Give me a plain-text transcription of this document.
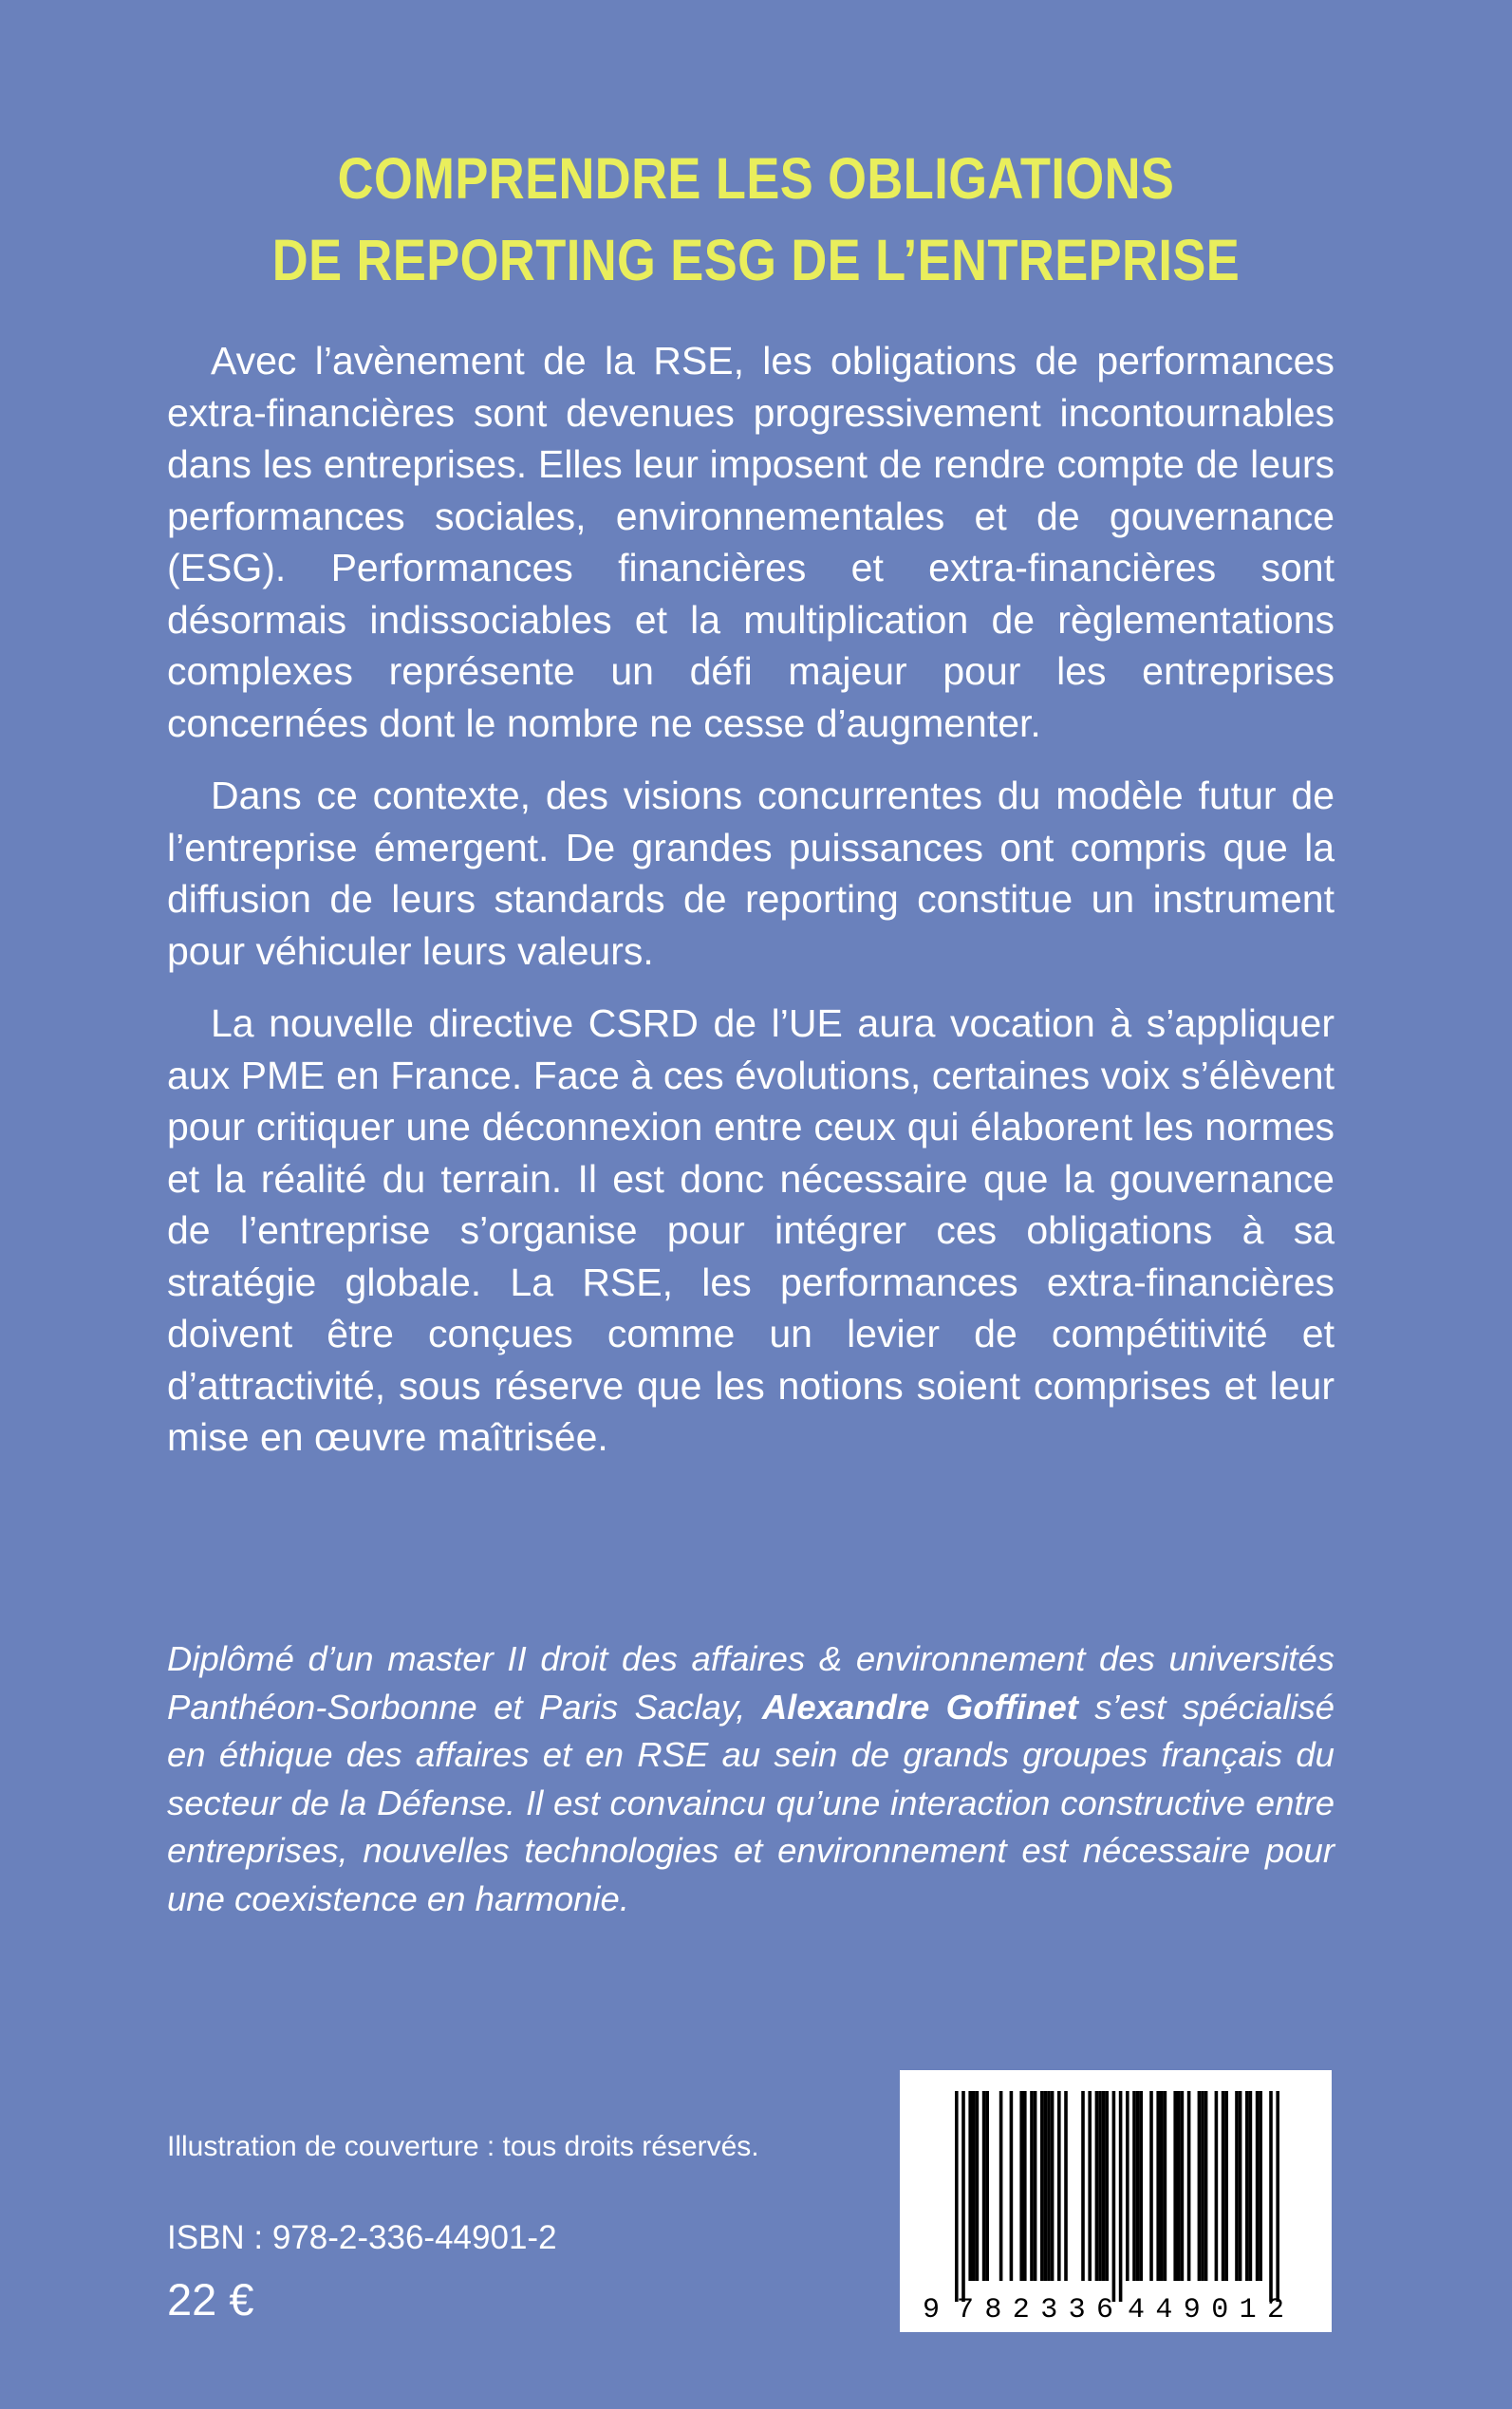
COMPRENDRE LES OBLIGATIONS
DE REPORTING ESG DE L’ENTREPRISE

Avec l’avènement de la RSE, les obligations de performances extra-financières sont devenues progressivement incontournables dans les entreprises. Elles leur imposent de rendre compte de leurs performances sociales, environnementales et de gouvernance (ESG). Performances financières et extra-financières sont désormais indissociables et la multiplication de règlementations complexes représente un défi majeur pour les entreprises concernées dont le nombre ne cesse d’augmenter.

Dans ce contexte, des visions concurrentes du modèle futur de l’entreprise émergent. De grandes puissances ont compris que la diffusion de leurs standards de reporting constitue un instrument pour véhiculer leurs valeurs.

La nouvelle directive CSRD de l’UE aura vocation à s’appliquer aux PME en France. Face à ces évolutions, certaines voix s’élèvent pour critiquer une déconnexion entre ceux qui élaborent les normes et la réalité du terrain. Il est donc nécessaire que la gouvernance de l’entreprise s’organise pour intégrer ces obligations à sa stratégie globale. La RSE, les performances extra-financières doivent être conçues comme un levier de compétitivité et d’attractivité, sous réserve que les notions soient comprises et leur mise en œuvre maîtrisée.

Diplômé d’un master II droit des affaires & environnement des universités Panthéon-Sorbonne et Paris Saclay, Alexandre Goffinet s’est spécialisé en éthique des affaires et en RSE au sein de grands groupes français du secteur de la Défense. Il est convaincu qu’une interaction constructive entre entreprises, nouvelles technologies et environnement est nécessaire pour une coexistence en harmonie.
Illustration de couverture : tous droits réservés.
ISBN : 978-2-336-44901-2
22 €	9 782336 449012
